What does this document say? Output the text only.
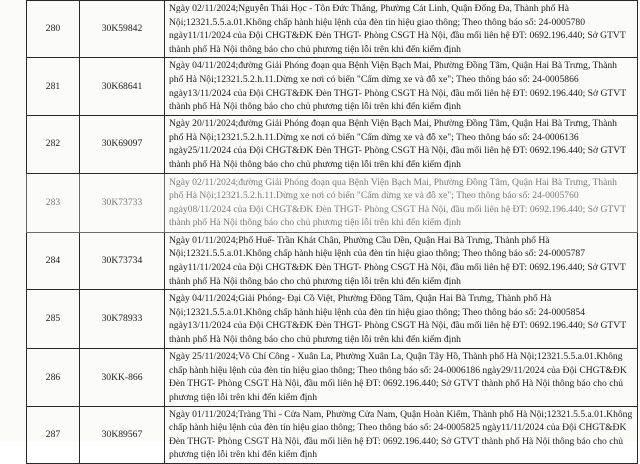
280	30K59842	Ngày 02/11/2024;Nguyễn Thái Học - Tôn Đức Thắng, Phường Cát Linh, Quận Đống Đa, Thành phố Hà Nội;12321.5.5.a.01.Không chấp hành hiệu lệnh của đèn tín hiệu giao thông; Theo thông báo số: 24-0005780 ngày11/11/2024 của Đội CHGT&ĐK Đèn THGT- Phòng CSGT Hà Nội, đầu mối liên hệ ĐT: 0692.196.440; Sở GTVT thành phố Hà Nội thông báo cho chủ phương tiện lỗi trên khi đến kiểm định
281	30K68641	Ngày 04/11/2024;đường Giải Phóng đoạn qua Bệnh Viện Bạch Mai, Phường Đồng Tâm, Quận Hai Bà Trưng, Thành phố Hà Nội;12321.5.2.h.11.Dừng xe nơi có biển "Cấm dừng xe và đỗ xe"; Theo thông báo số: 24-0005866 ngày13/11/2024 của Đội CHGT&ĐK Đèn THGT- Phòng CSGT Hà Nội, đầu mối liên hệ ĐT: 0692.196.440; Sở GTVT thành phố Hà Nội thông báo cho chủ phương tiện lỗi trên khi đến kiểm định
282	30K69097	Ngày 20/11/2024;đường Giải Phóng đoạn qua Bệnh Viện Bạch Mai, Phường Đồng Tâm, Quận Hai Bà Trưng, Thành phố Hà Nội;12321.5.2.h.11.Dừng xe nơi có biển "Cấm dừng xe và đỗ xe"; Theo thông báo số: 24-0006136 ngày25/11/2024 của Đội CHGT&ĐK Đèn THGT- Phòng CSGT Hà Nội, đầu mối liên hệ ĐT: 0692.196.440; Sở GTVT thành phố Hà Nội thông báo cho chủ phương tiện lỗi trên khi đến kiểm định
283	30K73733	Ngày 02/11/2024;đường Giải Phóng đoạn qua Bệnh Viện Bạch Mai, Phường Đồng Tâm, Quận Hai Bà Trưng, Thành phố Hà Nội;12321.5.2.h.11.Dừng xe nơi có biển "Cấm dừng xe và đỗ xe"; Theo thông báo số: 24-0005760 ngày08/11/2024 của Đội CHGT&ĐK Đèn THGT- Phòng CSGT Hà Nội, đầu mối liên hệ ĐT: 0692.196.440; Sở GTVT thành phố Hà Nội thông báo cho chủ phương tiện lỗi trên khi đến kiểm định
284	30K73734	Ngày 01/11/2024;Phố Huế- Trần Khát Chân, Phường Cầu Dền, Quận Hai Bà Trưng, Thành phố Hà Nội;12321.5.5.a.01.Không chấp hành hiệu lệnh của đèn tín hiệu giao thông; Theo thông báo số: 24-0005787 ngày11/11/2024 của Đội CHGT&ĐK Đèn THGT- Phòng CSGT Hà Nội, đầu mối liên hệ ĐT: 0692.196.440; Sở GTVT thành phố Hà Nội thông báo cho chủ phương tiện lỗi trên khi đến kiểm định
285	30K78933	Ngày 04/11/2024;Giải Phóng- Đại Cồ Việt, Phường Đồng Tâm, Quận Hai Bà Trưng, Thành phố Hà Nội;12321.5.5.a.01.Không chấp hành hiệu lệnh của đèn tín hiệu giao thông; Theo thông báo số: 24-0005854 ngày13/11/2024 của Đội CHGT&ĐK Đèn THGT- Phòng CSGT Hà Nội, đầu mối liên hệ ĐT: 0692.196.440; Sở GTVT thành phố Hà Nội thông báo cho chủ phương tiện lỗi trên khi đến kiểm định
286	30KK-866	Ngày 25/11/2024;Võ Chí Công - Xuân La, Phường Xuân La, Quận Tây Hồ, Thành phố Hà Nội;12321.5.5.a.01.Không chấp hành hiệu lệnh của đèn tín hiệu giao thông; Theo thông báo số: 24-0006186 ngày29/11/2024 của Đội CHGT&ĐK Đèn THGT- Phòng CSGT Hà Nội, đầu mối liên hệ ĐT: 0692.196.440; Sở GTVT thành phố Hà Nội thông báo cho chủ phương tiện lỗi trên khi đến kiểm định
287	30K89567	Ngày 01/11/2024;Tràng Thi - Cửa Nam, Phường Cửa Nam, Quận Hoàn Kiếm, Thành phố Hà Nội;12321.5.5.a.01.Không chấp hành hiệu lệnh của đèn tín hiệu giao thông; Theo thông báo số: 24-0005825 ngày11/11/2024 của Đội CHGT&ĐK Đèn THGT- Phòng CSGT Hà Nội, đầu mối liên hệ ĐT: 0692.196.440; Sở GTVT thành phố Hà Nội thông báo cho chủ phương tiện lỗi trên khi đến kiểm định
